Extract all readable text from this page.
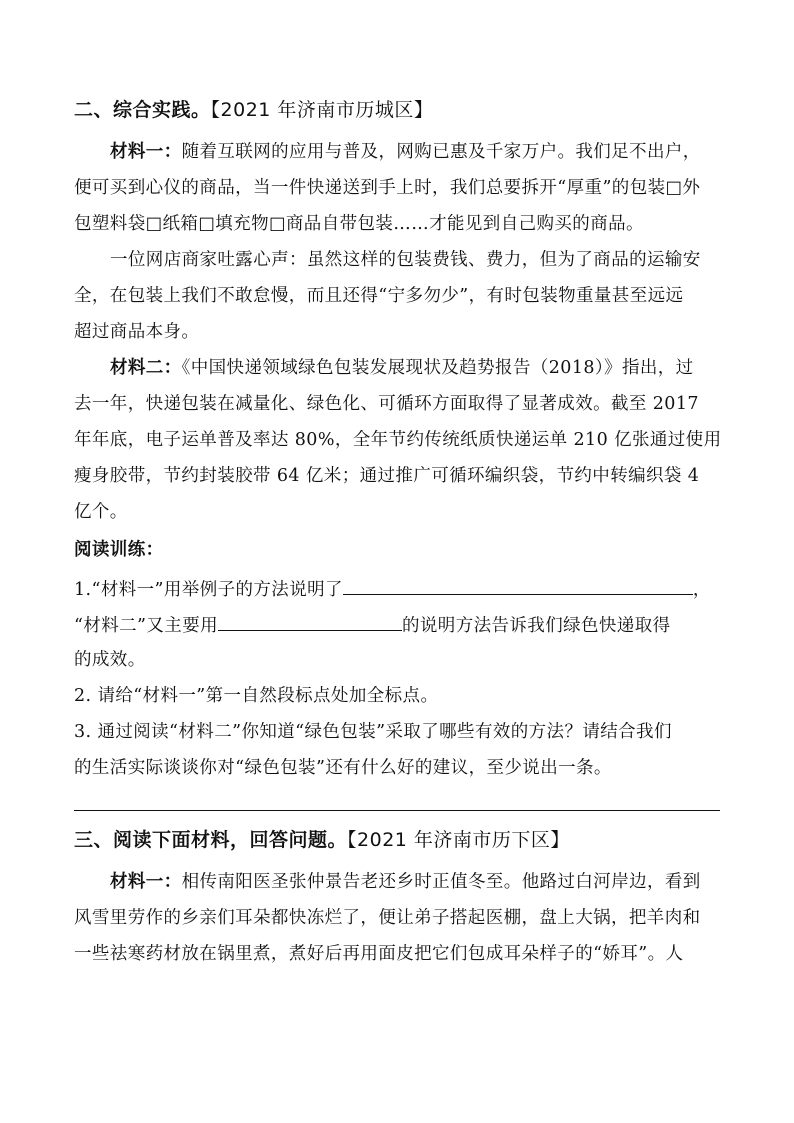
二、综合实践。【2021 年济南市历城区】
材料一：随着互联网的应用与普及，网购已惠及千家万户。我们足不出户，
便可买到心仪的商品，当一件快递送到手上时，我们总要拆开“厚重”的包装□外
包塑料袋□纸箱□填充物□商品自带包装……才能见到自己购买的商品。
一位网店商家吐露心声：虽然这样的包装费钱、费力，但为了商品的运输安
全，在包装上我们不敢怠慢，而且还得“宁多勿少”，有时包装物重量甚至远远
超过商品本身。
材料二：《中国快递领域绿色包装发展现状及趋势报告（2018）》指出，过
去一年，快递包装在减量化、绿色化、可循环方面取得了显著成效。截至 2017
年年底，电子运单普及率达 80%，全年节约传统纸质快递运单 210 亿张通过使用
瘦身胶带，节约封装胶带 64 亿米；通过推广可循环编织袋，节约中转编织袋 4
亿个。
阅读训练：
1.“材料一”用举例子的方法说明了	，
“材料二”又主要用	的说明方法告诉我们绿色快递取得
的成效。
2. 请给“材料一”第一自然段标点处加全标点。
3. 通过阅读“材料二”你知道“绿色包装”采取了哪些有效的方法？请结合我们
的生活实际谈谈你对“绿色包装”还有什么好的建议，至少说出一条。
三、阅读下面材料，回答问题。【2021 年济南市历下区】
材料一：相传南阳医圣张仲景告老还乡时正值冬至。他路过白河岸边，看到
风雪里劳作的乡亲们耳朵都快冻烂了，便让弟子搭起医棚，盘上大锅，把羊肉和
一些祛寒药材放在锅里煮，煮好后再用面皮把它们包成耳朵样子的“娇耳”。人
